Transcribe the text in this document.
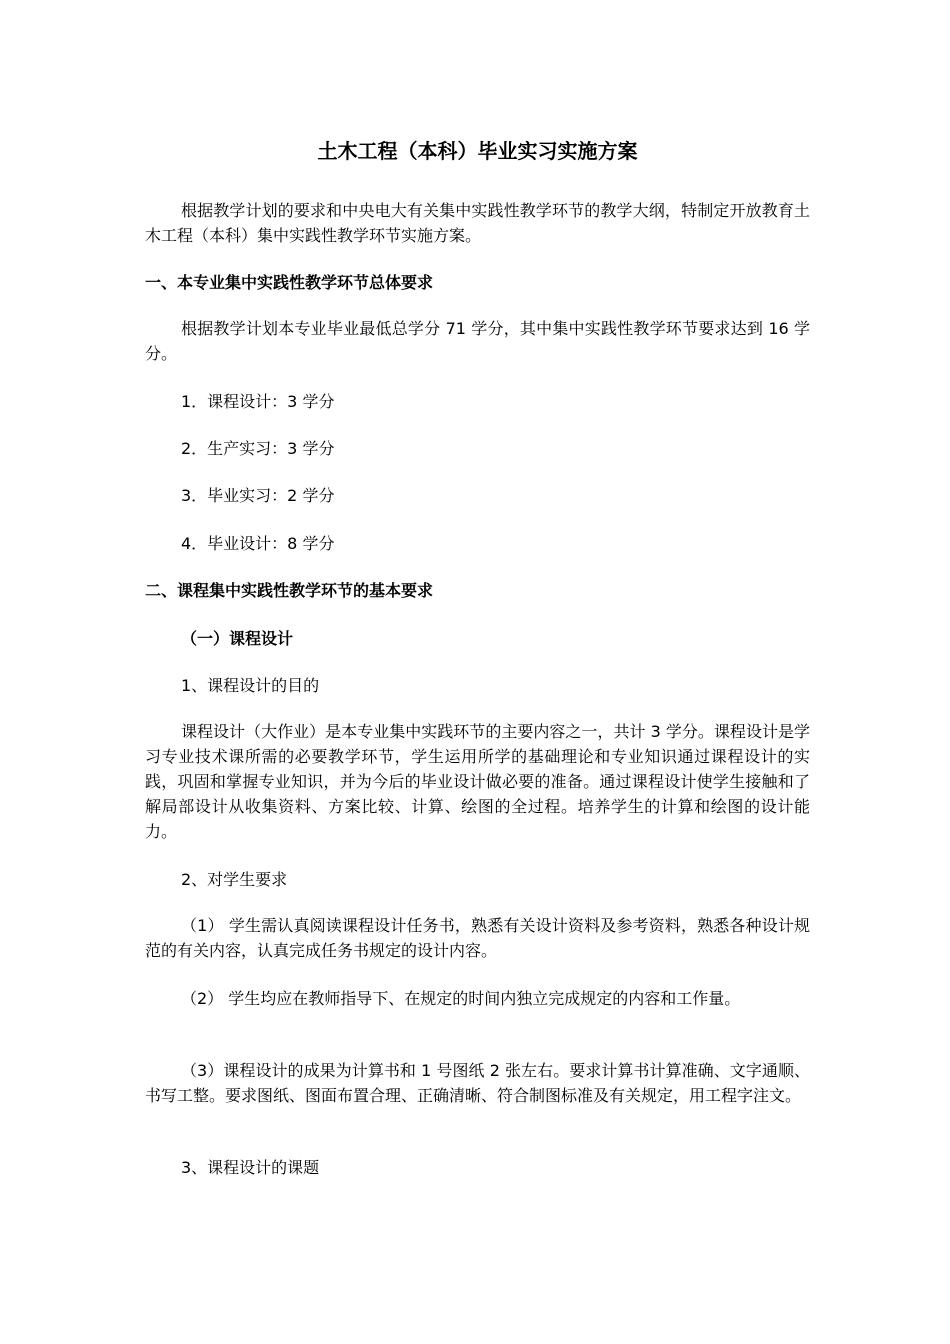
土木工程（本科）毕业实习实施方案

根据教学计划的要求和中央电大有关集中实践性教学环节的教学大纲，特制定开放教育土木工程（本科）集中实践性教学环节实施方案。

一、本专业集中实践性教学环节总体要求

根据教学计划本专业毕业最低总学分 71 学分，其中集中实践性教学环节要求达到 16 学分。

1．课程设计：3 学分

2．生产实习：3 学分

3．毕业实习：2 学分

4．毕业设计：8 学分

二、课程集中实践性教学环节的基本要求

（一）课程设计

1、课程设计的目的

课程设计（大作业）是本专业集中实践环节的主要内容之一，共计 3 学分。课程设计是学习专业技术课所需的必要教学环节，学生运用所学的基础理论和专业知识通过课程设计的实践，巩固和掌握专业知识，并为今后的毕业设计做必要的准备。通过课程设计使学生接触和了解局部设计从收集资料、方案比较、计算、绘图的全过程。培养学生的计算和绘图的设计能力。

2、对学生要求

（1） 学生需认真阅读课程设计任务书，熟悉有关设计资料及参考资料，熟悉各种设计规范的有关内容，认真完成任务书规定的设计内容。

（2） 学生均应在教师指导下、在规定的时间内独立完成规定的内容和工作量。

（3）课程设计的成果为计算书和 1 号图纸 2 张左右。要求计算书计算准确、文字通顺、书写工整。要求图纸、图面布置合理、正确清晰、符合制图标准及有关规定，用工程字注文。

3、课程设计的课题
